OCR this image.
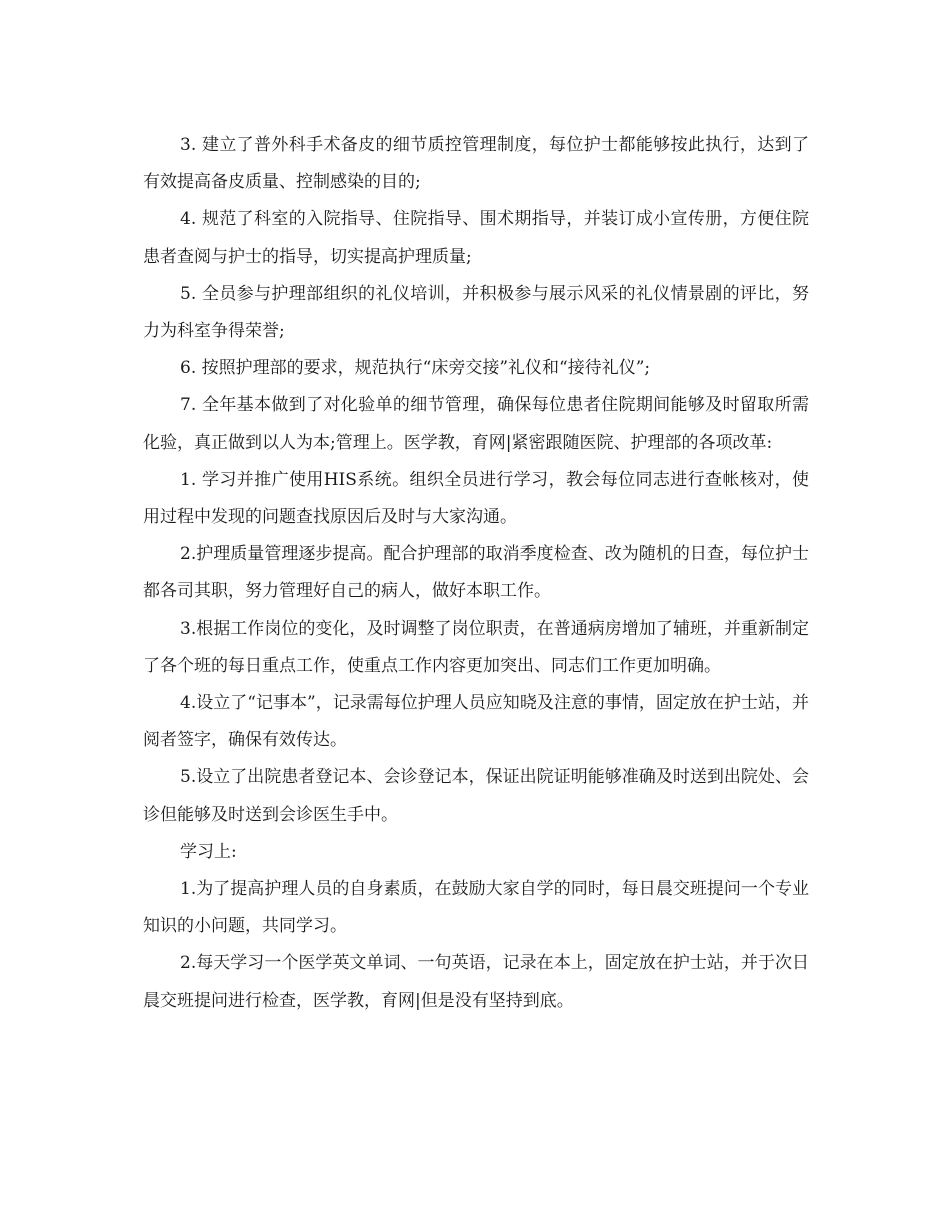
3. 建立了普外科手术备皮的细节质控管理制度，每位护士都能够按此执行，达到了有效提高备皮质量、控制感染的目的;

4. 规范了科室的入院指导、住院指导、围术期指导，并装订成小宣传册，方便住院患者查阅与护士的指导，切实提高护理质量;

5. 全员参与护理部组织的礼仪培训，并积极参与展示风采的礼仪情景剧的评比，努力为科室争得荣誉;

6. 按照护理部的要求，规范执行“床旁交接”礼仪和“接待礼仪”;

7. 全年基本做到了对化验单的细节管理，确保每位患者住院期间能够及时留取所需化验，真正做到以人为本;管理上。医学教，育网|紧密跟随医院、护理部的各项改革:

1. 学习并推广使用HIS系统。组织全员进行学习，教会每位同志进行查帐核对，使用过程中发现的问题查找原因后及时与大家沟通。

2.护理质量管理逐步提高。配合护理部的取消季度检查、改为随机的日查，每位护士都各司其职，努力管理好自己的病人，做好本职工作。

3.根据工作岗位的变化，及时调整了岗位职责，在普通病房增加了辅班，并重新制定了各个班的每日重点工作，使重点工作内容更加突出、同志们工作更加明确。

4.设立了“记事本”，记录需每位护理人员应知晓及注意的事情，固定放在护士站，并阅者签字，确保有效传达。

5.设立了出院患者登记本、会诊登记本，保证出院证明能够准确及时送到出院处、会诊但能够及时送到会诊医生手中。

学习上:

1.为了提高护理人员的自身素质，在鼓励大家自学的同时，每日晨交班提问一个专业知识的小问题，共同学习。

2.每天学习一个医学英文单词、一句英语，记录在本上，固定放在护士站，并于次日晨交班提问进行检查，医学教，育网|但是没有坚持到底。
